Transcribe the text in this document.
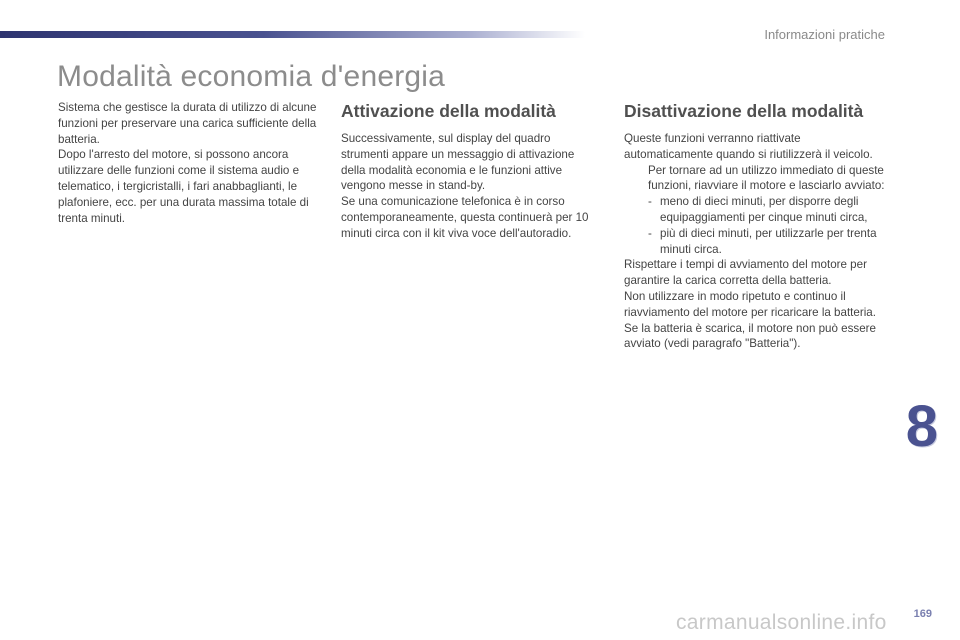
Informazioni pratiche
Modalità economia d'energia

Sistema che gestisce la durata di utilizzo di alcune funzioni per preservare una carica sufficiente della batteria.

Dopo l'arresto del motore, si possono ancora utilizzare delle funzioni come il sistema audio e telematico, i tergicristalli, i fari anabbaglianti, le plafoniere, ecc. per una durata massima totale di trenta minuti.

Attivazione della modalità

Successivamente, sul display del quadro strumenti appare un messaggio di attivazione della modalità economia e le funzioni attive vengono messe in stand-by.

Se una comunicazione telefonica è in corso contemporaneamente, questa continuerà per 10 minuti circa con il kit viva voce dell'autoradio.

Disattivazione della modalità

Queste funzioni verranno riattivate automaticamente quando si riutilizzerà il veicolo.

Per tornare ad un utilizzo immediato di queste funzioni, riavviare il motore e lasciarlo avviato:

- meno di dieci minuti, per disporre degli equipaggiamenti per cinque minuti circa,

- più di dieci minuti, per utilizzarle per trenta minuti circa.

Rispettare i tempi di avviamento del motore per garantire la carica corretta della batteria.

Non utilizzare in modo ripetuto e continuo il riavviamento del motore per ricaricare la batteria.

Se la batteria è scarica, il motore non può essere avviato (vedi paragrafo "Batteria").

8
169
carmanualsonline.info
